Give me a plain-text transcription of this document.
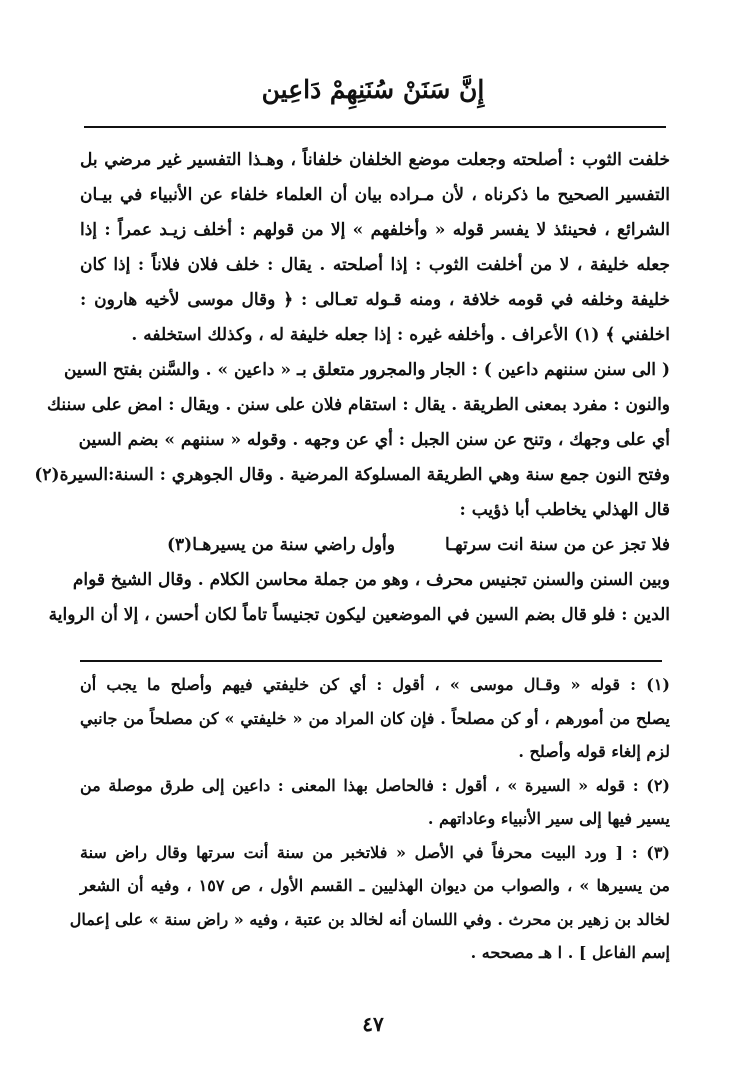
إِنَّ سَنَنْ سُنَنِهِمْ دَاعِين
خلفت الثوب : أصلحته وجعلت موضع الخلفان خلفاناً ، وهـذا التفسير غير مرضي بل
التفسير الصحيح ما ذكرناه ، لأن مـراده بيان أن العلماء خلفاء عن الأنبياء في بيـان
الشرائع ، فحينئذ لا يفسر قوله « وأخلفهم » إلا من قولهم : أخلف زيـد عمراً : إذا
جعله خليفة ، لا من أخلفت الثوب : إذا أصلحته . يقال : خلف فلان فلاناً : إذا كان
خليفة وخلفه في قومه خلافة ، ومنه قـوله تعـالى : ﴿ وقال موسى لأخيه هارون :
اخلفني ﴾ (١) الأعراف . وأخلفه غيره : إذا جعله خليفة له ، وكذلك استخلفه .
( الى سنن سننهم داعين ) : الجار والمجرور متعلق بـ « داعين » . والسَّنن بفتح السين
والنون : مفرد بمعنى الطريقة . يقال : استقام فلان على سنن . ويقال : امض على سننك
أي على وجهك ، وتنح عن سنن الجبل : أي عن وجهه . وقوله « سننهم » بضم السين
وفتح النون جمع سنة وهي الطريقة المسلوكة المرضية . وقال الجوهري : السنة:السيرة(٢)
قال الهذلي يخاطب أبا ذؤيب :
فلا تجز عن من سنة انت سرتهـاوأول راضي سنة من يسيرهـا(٣)
وبين السنن والسنن تجنيس محرف ، وهو من جملة محاسن الكلام . وقال الشيخ قوام
الدين : فلو قال بضم السين في الموضعين ليكون تجنيساً تاماً لكان أحسن ، إلا أن الرواية
(١) : قوله « وقـال موسى » ، أقول : أي كن خليفتي فيهم وأصلح ما يجب أن
يصلح من أمورهم ، أو كن مصلحاً . فإن كان المراد من « خليفتي » كن مصلحاً من جانبي
لزم إلغاء قوله وأصلح .
(٢) : قوله « السيرة » ، أقول : فالحاصل بهذا المعنى : داعين إلى طرق موصلة من
يسير فيها إلى سير الأنبياء وعاداتهم .
(٣) : [ ورد البيت محرفاً في الأصل « فلاتخبر من سنة أنت سرتها وقال راض سنة
من يسيرها » ، والصواب من ديوان الهذليين ـ القسم الأول ، ص ١٥٧ ، وفيه أن الشعر
لخالد بن زهير بن محرث . وفي اللسان أنه لخالد بن عتبة ، وفيه « راض سنة » على إعمال
إسم الفاعل ] . ا هـ مصححه .
٤٧
